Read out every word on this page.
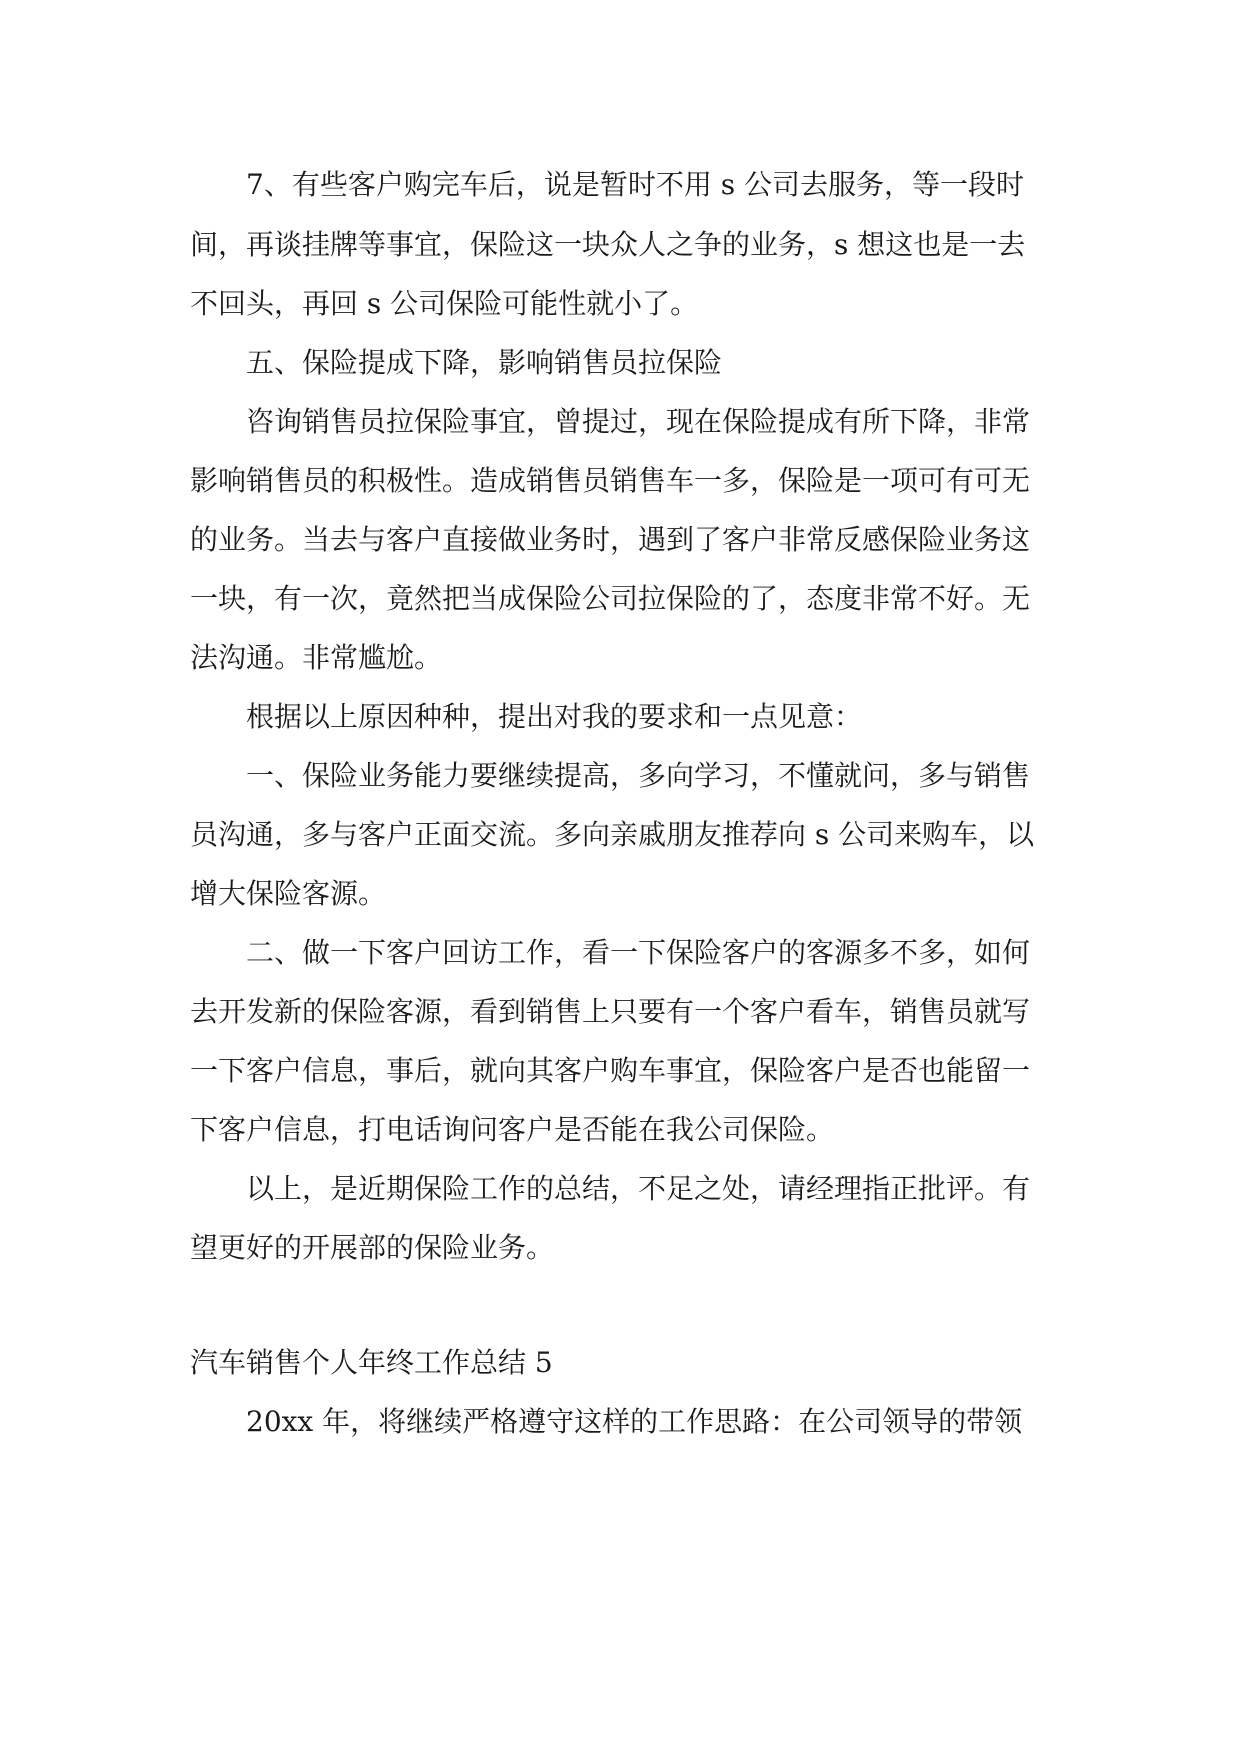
7、有些客户购完车后，说是暂时不用 s 公司去服务，等一段时
间，再谈挂牌等事宜，保险这一块众人之争的业务，s 想这也是一去
不回头，再回 s 公司保险可能性就小了。
五、保险提成下降，影响销售员拉保险
咨询销售员拉保险事宜，曾提过，现在保险提成有所下降，非常
影响销售员的积极性。造成销售员销售车一多，保险是一项可有可无
的业务。当去与客户直接做业务时，遇到了客户非常反感保险业务这
一块，有一次，竟然把当成保险公司拉保险的了，态度非常不好。无
法沟通。非常尴尬。
根据以上原因种种，提出对我的要求和一点见意：
一、保险业务能力要继续提高，多向学习，不懂就问，多与销售
员沟通，多与客户正面交流。多向亲戚朋友推荐向 s 公司来购车，以
增大保险客源。
二、做一下客户回访工作，看一下保险客户的客源多不多，如何
去开发新的保险客源，看到销售上只要有一个客户看车，销售员就写
一下客户信息，事后，就向其客户购车事宜，保险客户是否也能留一
下客户信息，打电话询问客户是否能在我公司保险。
以上，是近期保险工作的总结，不足之处，请经理指正批评。有
望更好的开展部的保险业务。
汽车销售个人年终工作总结 5
20xx 年，将继续严格遵守这样的工作思路：在公司领导的带领
